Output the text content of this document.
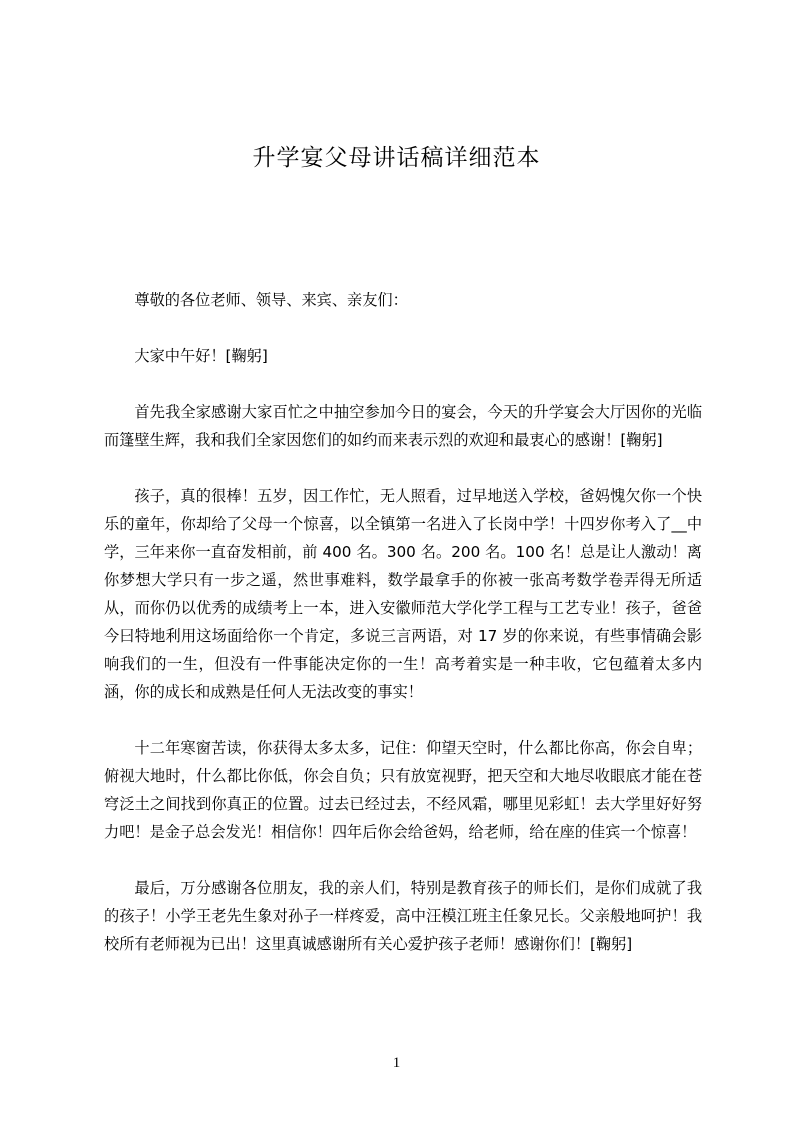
升学宴父母讲话稿详细范本

尊敬的各位老师、领导、来宾、亲友们：

大家中午好！[鞠躬]

首先我全家感谢大家百忙之中抽空参加今日的宴会，今天的升学宴会大厅因你的光临而篷壁生辉，我和我们全家因您们的如约而来表示烈的欢迎和最衷心的感谢！[鞠躬]

孩子，真的很棒！五岁，因工作忙，无人照看，过早地送入学校，爸妈愧欠你一个快乐的童年，你却给了父母一个惊喜，以全镇第一名进入了长岗中学！十四岁你考入了__中学，三年来你一直奋发相前，前 400 名。300 名。200 名。100 名！总是让人激动！离你梦想大学只有一步之遥，然世事难料，数学最拿手的你被一张高考数学卷弄得无所适从，而你仍以优秀的成绩考上一本，进入安徽师范大学化学工程与工艺专业！孩子，爸爸今曰特地利用这场面给你一个肯定，多说三言两语，对 17 岁的你来说，有些事情确会影响我们的一生，但没有一件事能决定你的一生！高考着实是一种丰收，它包蕴着太多内涵，你的成长和成熟是任何人无法改变的事实！

十二年寒窗苦读，你获得太多太多，记住：仰望天空时，什么都比你高，你会自卑；俯视大地时，什么都比你低，你会自负；只有放宽视野，把天空和大地尽收眼底才能在苍穹泛土之间找到你真正的位置。过去已经过去，不经风霜，哪里见彩虹！去大学里好好努力吧！是金子总会发光！相信你！四年后你会给爸妈，给老师，给在座的佳宾一个惊喜！

最后，万分感谢各位朋友，我的亲人们，特别是教育孩子的师长们，是你们成就了我的孩子！小学王老先生象对孙子一样疼爱，高中汪模江班主任象兄长。父亲般地呵护！我校所有老师视为已出！这里真诚感谢所有关心爱护孩子老师！感谢你们！[鞠躬]

1
